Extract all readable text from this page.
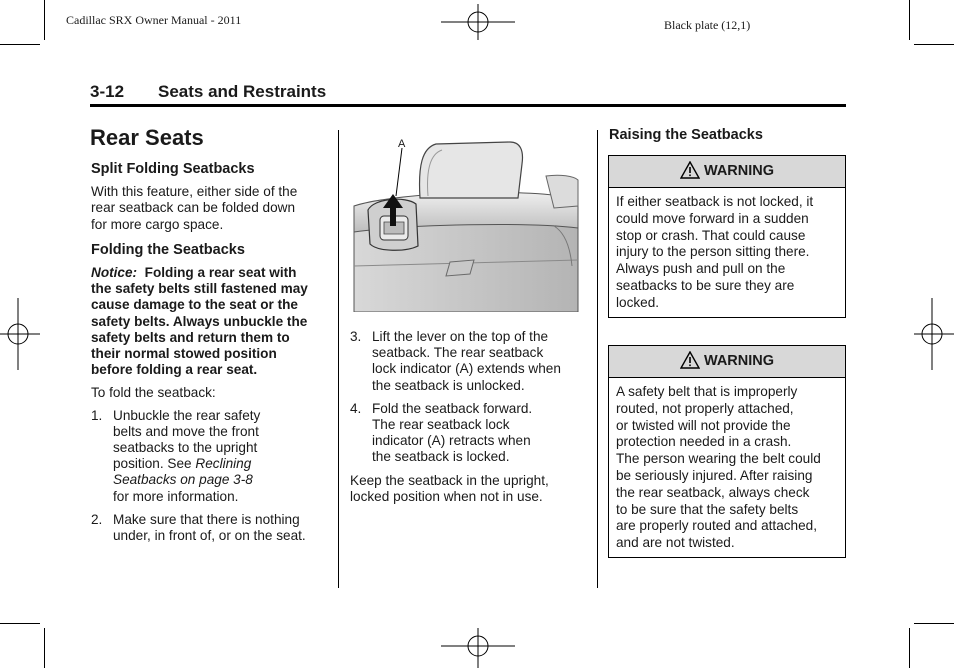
Cadillac SRX Owner Manual - 2011	Black plate (12,1)
3-12 Seats and Restraints
Rear Seats

Split Folding Seatbacks

With this feature, either side of the
rear seatback can be folded down
for more cargo space.

Folding the Seatbacks

Notice: Folding a rear seat with
the safety belts still fastened may
cause damage to the seat or the
safety belts. Always unbuckle the
safety belts and return them to
their normal stowed position
before folding a rear seat.

To fold the seatback:

1. Unbuckle the rear safety
belts and move the front
seatbacks to the upright
position. See Reclining
Seatbacks on page 3-8
for more information.

2. Make sure that there is nothing
under, in front of, or on the seat.

A

3. Lift the lever on the top of the
seatback. The rear seatback
lock indicator (A) extends when
the seatback is unlocked.

4. Fold the seatback forward.
The rear seatback lock
indicator (A) retracts when
the seatback is locked.

Keep the seatback in the upright,
locked position when not in use.

Raising the Seatbacks

WARNING
If either seatback is not locked, it
could move forward in a sudden
stop or crash. That could cause
injury to the person sitting there.
Always push and pull on the
seatbacks to be sure they are
locked.
WARNING
A safety belt that is improperly
routed, not properly attached,
or twisted will not provide the
protection needed in a crash.
The person wearing the belt could
be seriously injured. After raising
the rear seatback, always check
to be sure that the safety belts
are properly routed and attached,
and are not twisted.
